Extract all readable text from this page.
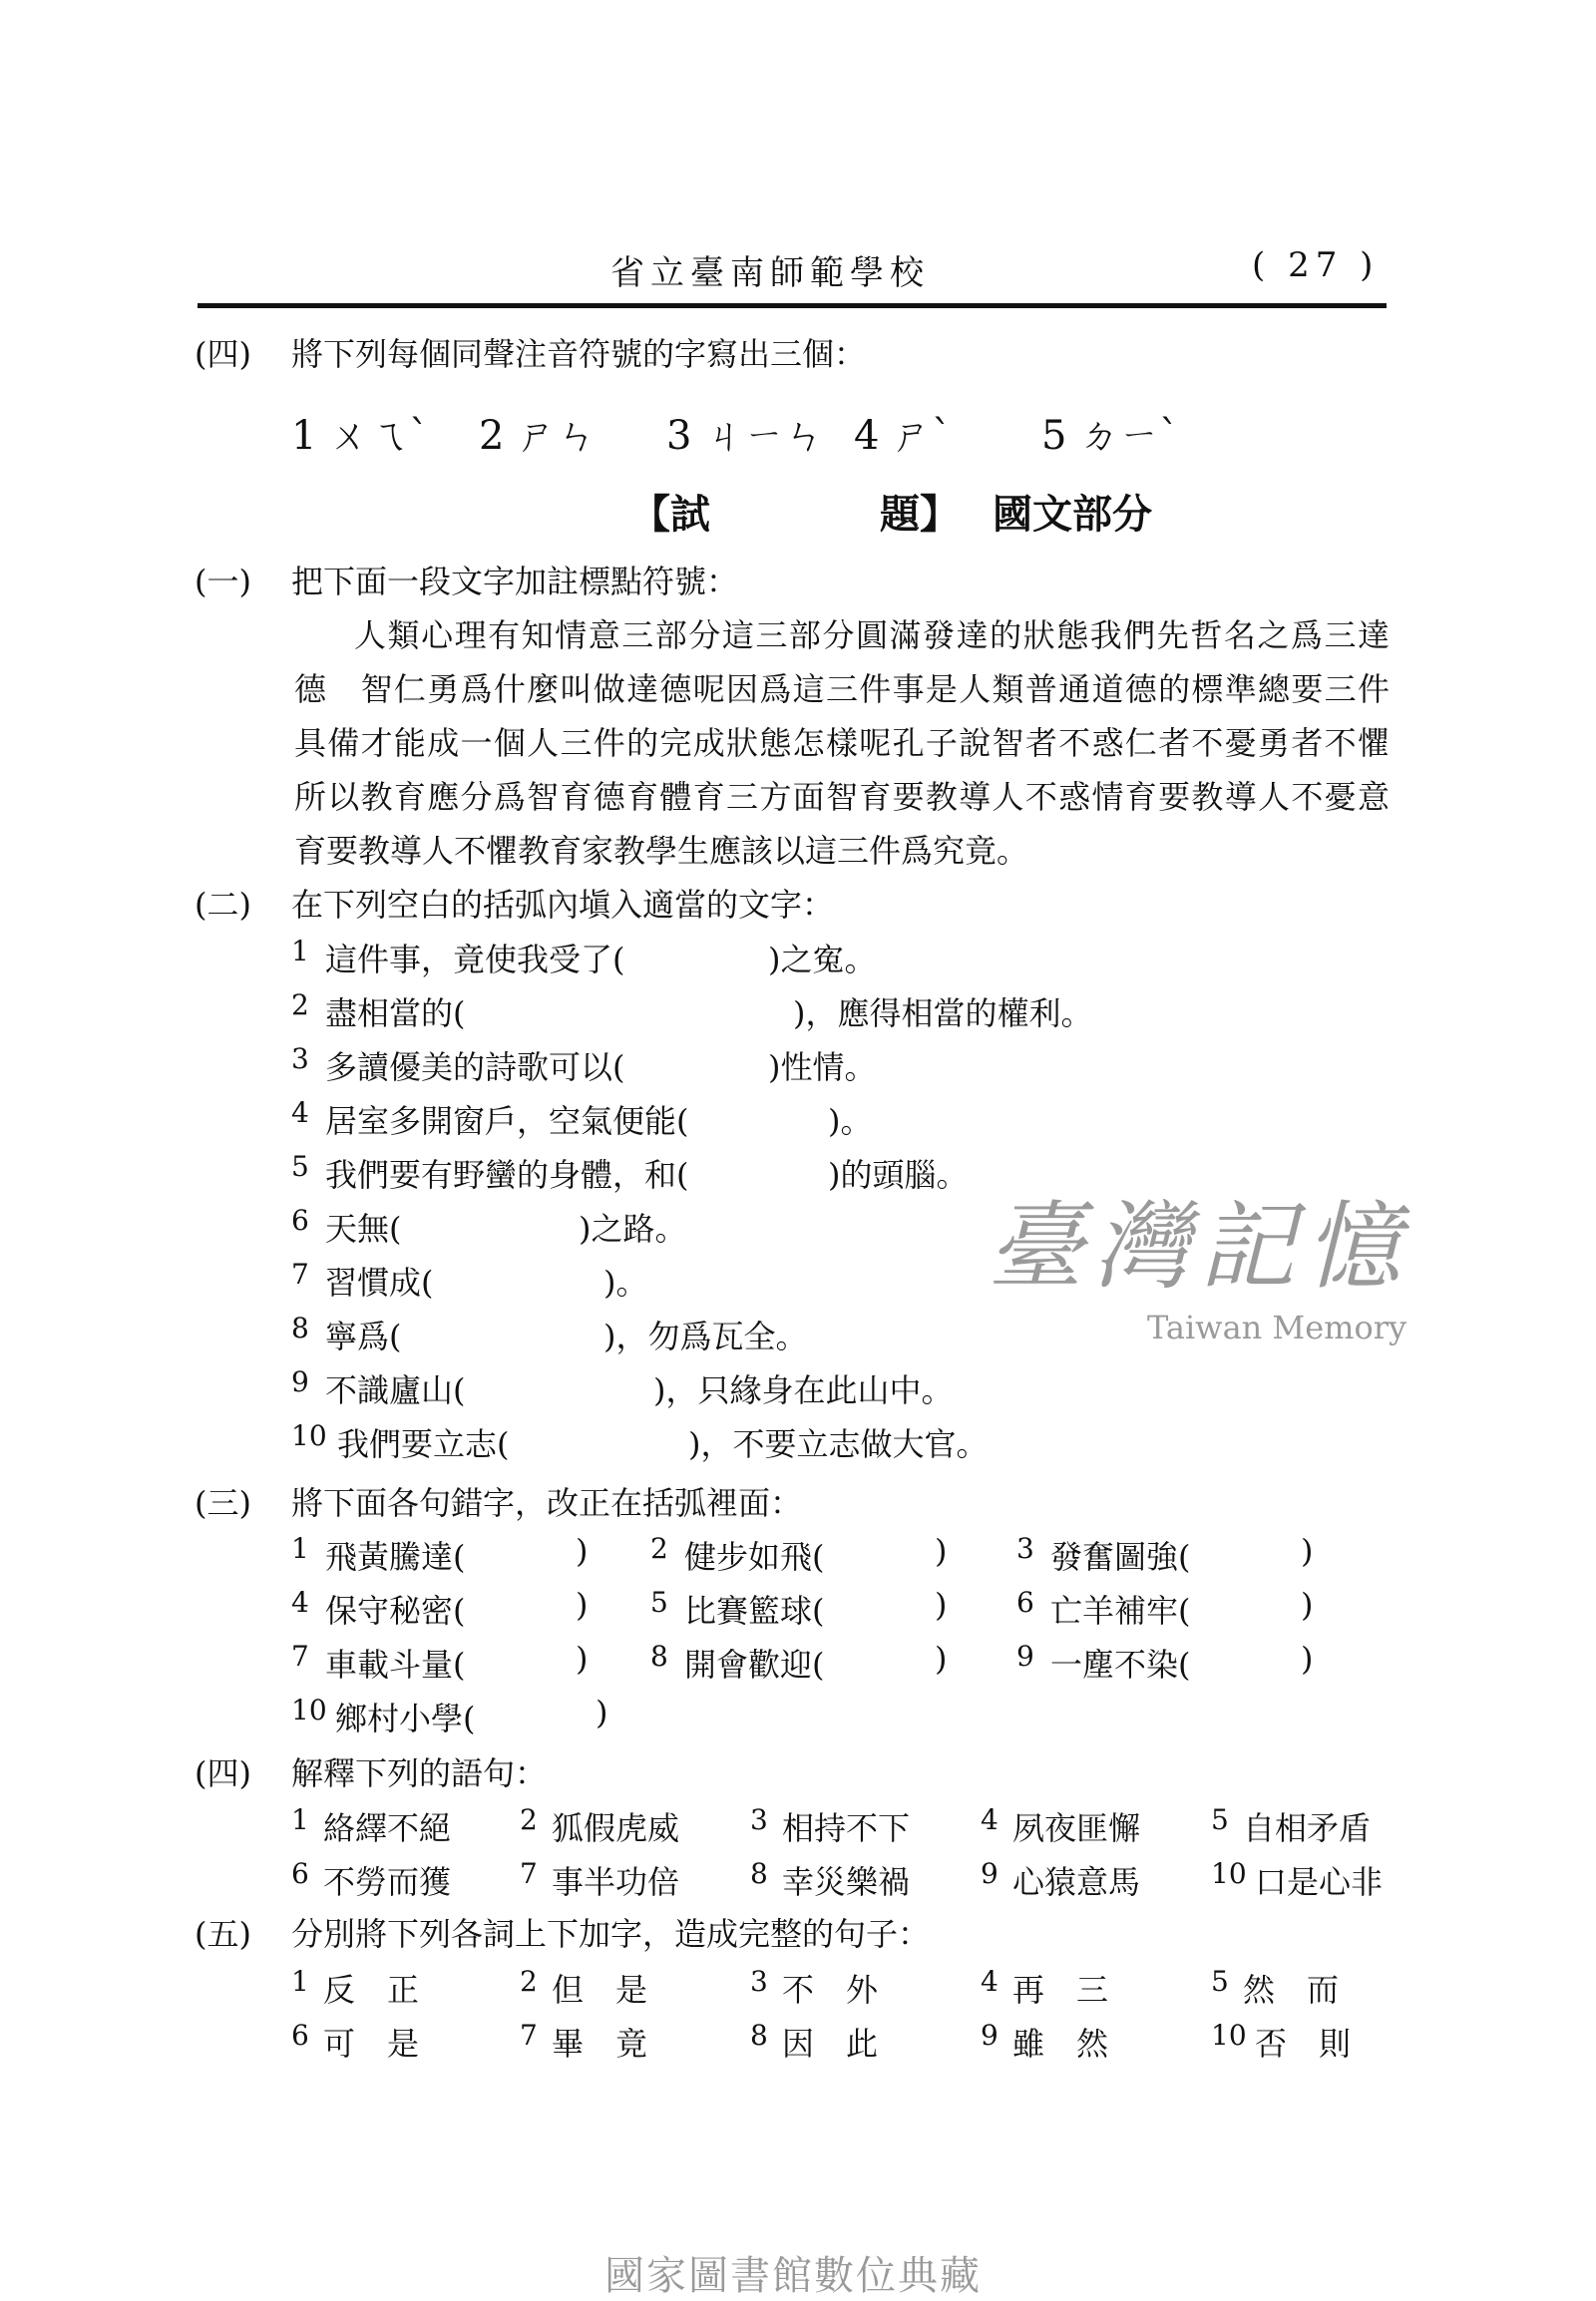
省立臺南師範學校	( 27 )
(四) 將下列每個同聲注音符號的字寫出三個：
1 ㄨㄟˋ 2 ㄕㄣ 3 ㄐㄧㄣ 4 ㄕˋ 5 ㄉㄧˋ
【試	題】 國文部分
(一) 把下面一段文字加註標點符號：
人類心理有知情意三部分這三部分圓滿發達的狀態我們先哲名之爲三達
德　智仁勇爲什麼叫做達德呢因爲這三件事是人類普通道德的標準總要三件
具備才能成一個人三件的完成狀態怎樣呢孔子說智者不惑仁者不憂勇者不懼
所以教育應分爲智育德育體育三方面智育要教導人不惑情育要教導人不憂意
育要教導人不懼教育家教學生應該以這三件爲究竟。
(二) 在下列空白的括弧內塡入適當的文字：
1 這件事，竟使我受了(	)之寃。
2 盡相當的(	)，應得相當的權利。
3 多讀優美的詩歌可以(	)性情。
4 居室多開窗戶，空氣便能(	)。
5 我們要有野蠻的身體，和(	)的頭腦。
6 天無(	)之路。
7 習慣成(	)。
8 寧爲(	)，勿爲瓦全。
9 不識廬山(	)，只緣身在此山中。
10 我們要立志(	)，不要立志做大官。
(三) 將下面各句錯字，改正在括弧裡面：
1 飛黃騰達(	) 2 健步如飛(	) 3 發奮圖強(	)
4 保守秘密(	) 5 比賽籃球(	) 6 亡羊補牢(	)
7 車載斗量(	) 8 開會歡迎(	) 9 一塵不染(	)
10 鄉村小學(	)
(四) 解釋下列的語句：
1 絡繹不絕 2 狐假虎威	3 相持不下	4 夙夜匪懈	5 自相矛盾
6 不勞而獲 7 事半功倍	8 幸災樂禍	9 心猿意馬	10 口是心非
(五) 分別將下列各詞上下加字，造成完整的句子：
1 反　正	2 但　是	3 不　外	4 再　三	5 然　而
6 可　是	7 畢　竟	8 因　此	9 雖　然	10 否　則
臺灣記憶
Taiwan Memory
國家圖書館數位典藏
